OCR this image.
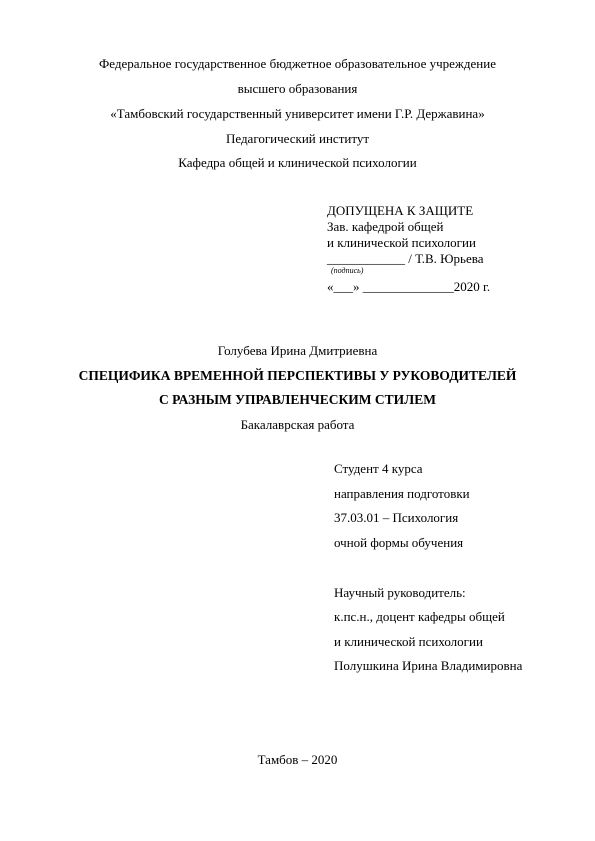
Федеральное государственное бюджетное образовательное учреждение
высшего образования
«Тамбовский государственный университет имени Г.Р. Державина»
Педагогический институт
Кафедра общей и клинической психологии
ДОПУЩЕНА К ЗАЩИТЕ
Зав. кафедрой общей
и клинической психологии
____________ / Т.В. Юрьева
(подпись)
«___» ______________2020 г.
Голубева Ирина Дмитриевна
СПЕЦИФИКА ВРЕМЕННОЙ ПЕРСПЕКТИВЫ У РУКОВОДИТЕЛЕЙ
С РАЗНЫМ УПРАВЛЕНЧЕСКИМ СТИЛЕМ
Бакалаврская работа
Студент 4 курса
направления подготовки
37.03.01 – Психология
очной формы обучения
Научный руководитель:
к.пс.н., доцент кафедры общей
и клинической психологии
Полушкина Ирина Владимировна
Тамбов – 2020
